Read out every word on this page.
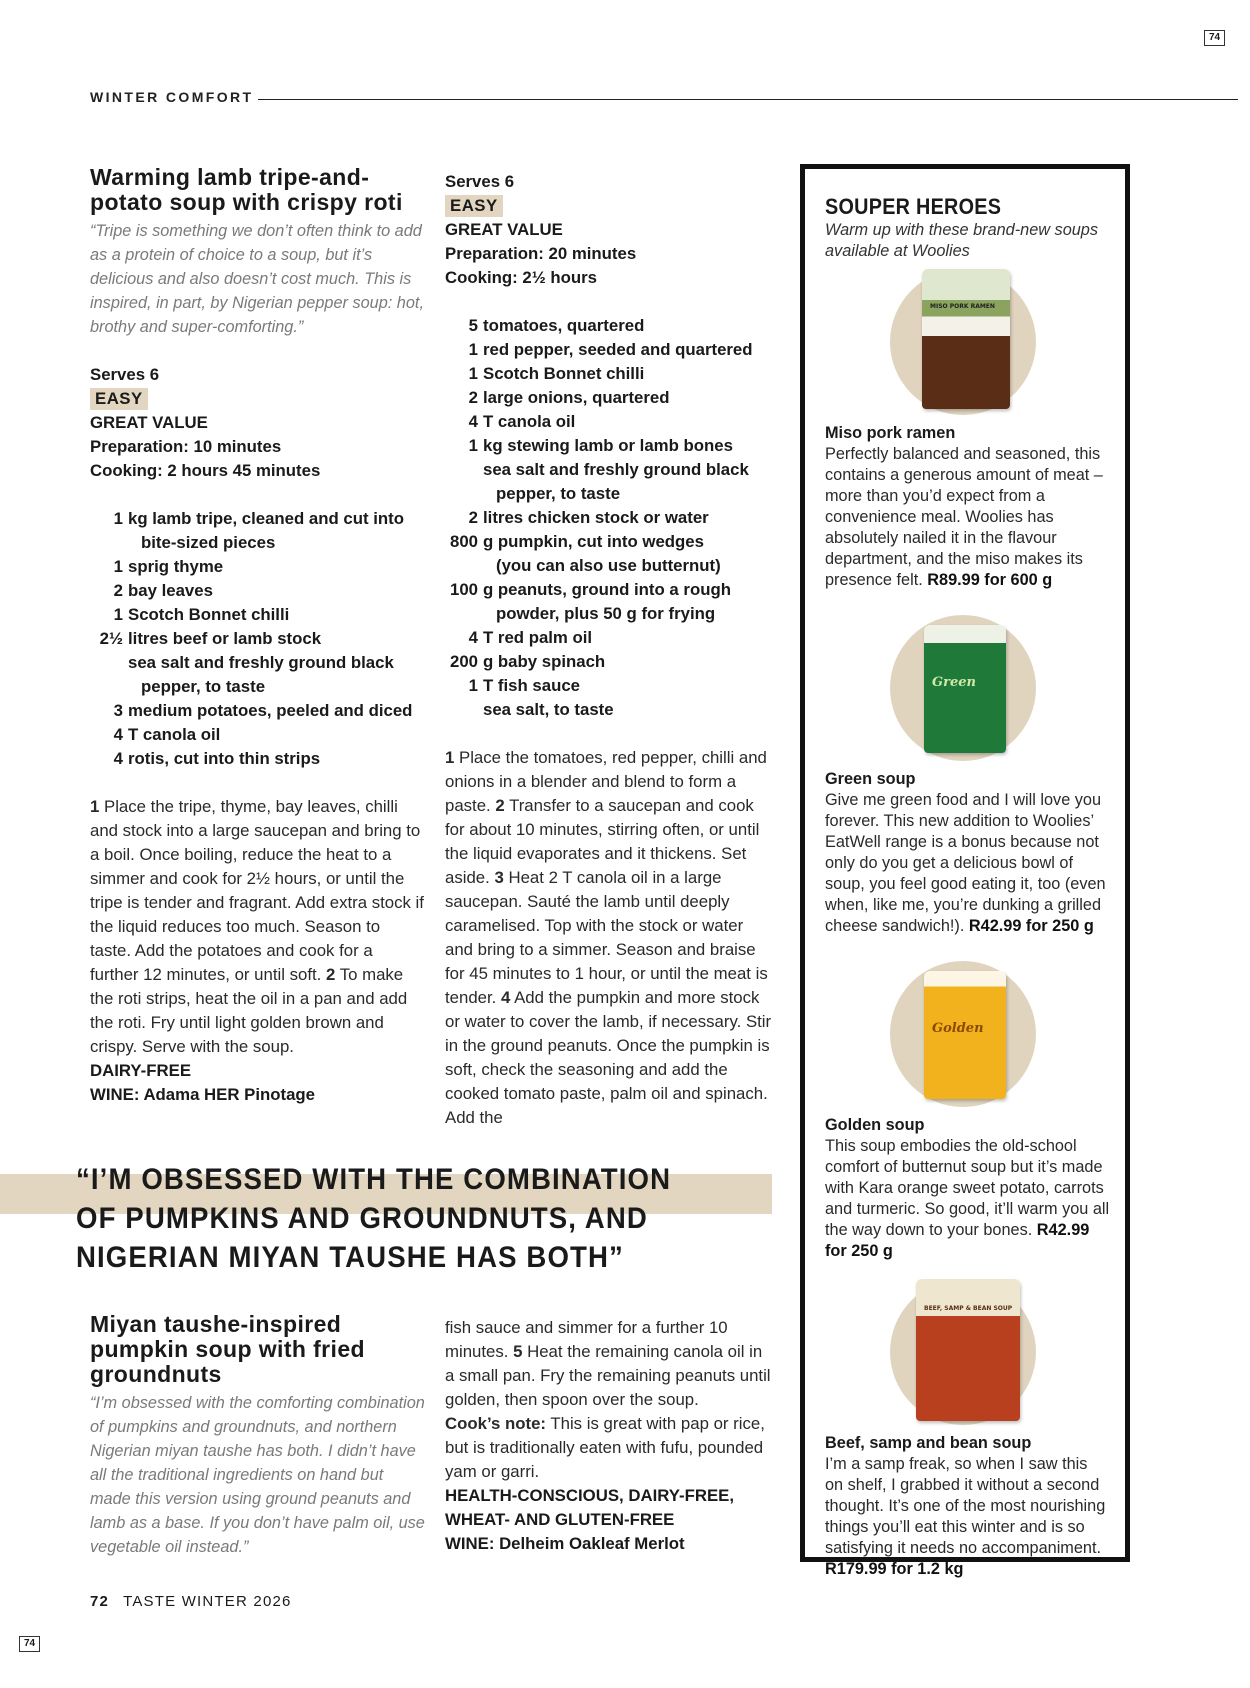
74
74
WINTER COMFORT
Warming lamb tripe-and-potato soup with crispy roti

“Tripe is something we don’t often think to add as a protein of choice to a soup, but it’s delicious and also doesn’t cost much. This is inspired, in part, by Nigerian pepper soup: hot, brothy and super-comforting.”

Serves 6
EASY
GREAT VALUE
Preparation: 10 minutes
Cooking: 2 hours 45 minutes
1 kg lamb tripe, cleaned and cut into
bite-sized pieces
1 sprig thyme
2 bay leaves
1 Scotch Bonnet chilli
2½ litres beef or lamb stock
sea salt and freshly ground black
pepper, to taste
3 medium potatoes, peeled and diced
4 T canola oil
4 rotis, cut into thin strips
1 Place the tripe, thyme, bay leaves, chilli and stock into a large saucepan and bring to a boil. Once boiling, reduce the heat to a simmer and cook for 2½ hours, or until the tripe is tender and fragrant. Add extra stock if the liquid reduces too much. Season to taste. Add the potatoes and cook for a further 12 minutes, or until soft. 2 To make the roti strips, heat the oil in a pan and add the roti. Fry until light golden brown and crispy. Serve with the soup.
DAIRY-FREE
WINE: Adama HER Pinotage
Serves 6
EASY
GREAT VALUE
Preparation: 20 minutes
Cooking: 2½ hours
5 tomatoes, quartered
1 red pepper, seeded and quartered
1 Scotch Bonnet chilli
2 large onions, quartered
4 T canola oil
1 kg stewing lamb or lamb bones
sea salt and freshly ground black
pepper, to taste
2 litres chicken stock or water
800 g pumpkin, cut into wedges
(you can also use butternut)
100 g peanuts, ground into a rough
powder, plus 50 g for frying
4 T red palm oil
200 g baby spinach
1 T fish sauce
sea salt, to taste
1 Place the tomatoes, red pepper, chilli and onions in a blender and blend to form a paste. 2 Transfer to a saucepan and cook for about 10 minutes, stirring often, or until the liquid evaporates and it thickens. Set aside. 3 Heat 2 T canola oil in a large saucepan. Sauté the lamb until deeply caramelised. Top with the stock or water and bring to a simmer. Season and braise for 45 minutes to 1 hour, or until the meat is tender. 4 Add the pumpkin and more stock or water to cover the lamb, if necessary. Stir in the ground peanuts. Once the pumpkin is soft, check the seasoning and add the cooked tomato paste, palm oil and spinach. Add the
“I’M OBSESSED WITH THE COMBINATION OF PUMPKINS AND GROUNDNUTS, AND NIGERIAN MIYAN TAUSHE HAS BOTH”
Miyan taushe-inspired pumpkin soup with fried groundnuts

“I’m obsessed with the comforting combination of pumpkins and groundnuts, and northern Nigerian miyan taushe has both. I didn’t have all the traditional ingredients on hand but made this version using ground peanuts and lamb as a base. If you don’t have palm oil, use vegetable oil instead.”

fish sauce and simmer for a further 10 minutes. 5 Heat the remaining canola oil in a small pan. Fry the remaining peanuts until golden, then spoon over the soup.
Cook’s note: This is great with pap or rice, but is traditionally eaten with fufu, pounded yam or garri.
HEALTH-CONSCIOUS, DAIRY-FREE, WHEAT- AND GLUTEN-FREE
WINE: Delheim Oakleaf Merlot
SOUPER HEROES
Warm up with these brand-new soups available at Woolies
MISO PORK RAMEN
Miso pork ramen
Perfectly balanced and seasoned, this contains a generous amount of meat – more than you’d expect from a convenience meal. Woolies has absolutely nailed it in the flavour department, and the miso makes its presence felt. R89.99 for 600 g
Green
Green soup
Give me green food and I will love you forever. This new addition to Woolies’ EatWell range is a bonus because not only do you get a delicious bowl of soup, you feel good eating it, too (even when, like me, you’re dunking a grilled cheese sandwich!). R42.99 for 250 g
Golden
Golden soup
This soup embodies the old-school comfort of butternut soup but it’s made with Kara orange sweet potato, carrots and turmeric. So good, it’ll warm you all the way down to your bones. R42.99 for 250 g
BEEF, SAMP & BEAN SOUP
Beef, samp and bean soup
I’m a samp freak, so when I saw this on shelf, I grabbed it without a second thought. It’s one of the most nourishing things you’ll eat this winter and is so satisfying it needs no accompaniment. R179.99 for 1.2 kg
72 TASTE WINTER 2026
